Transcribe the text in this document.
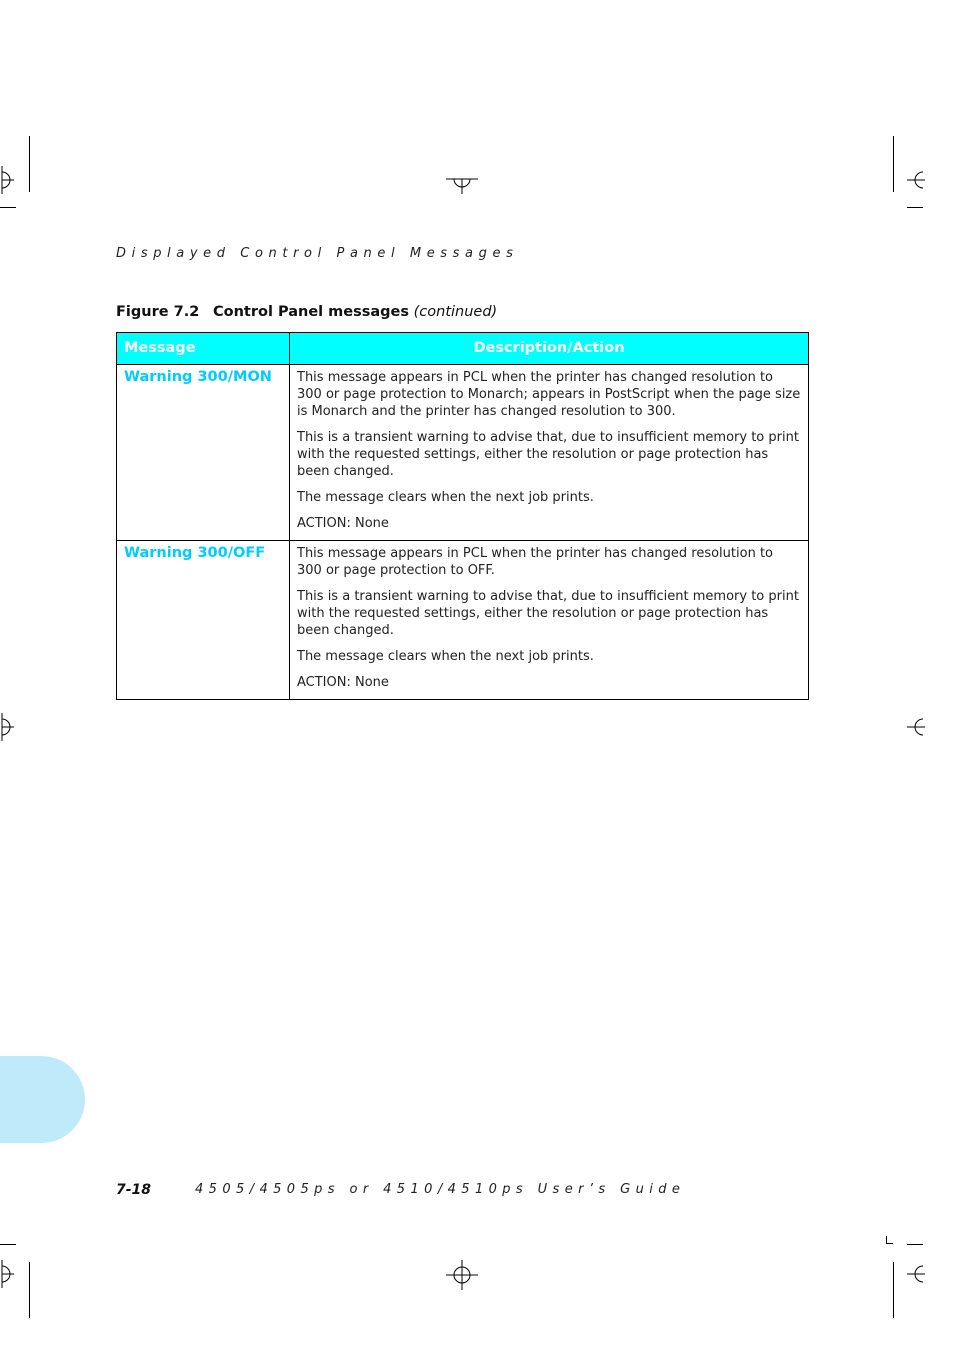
Displayed Control Panel Messages
Figure 7.2 Control Panel messages (continued)
Message	Description/Action
Warning 300/MON	This message appears in PCL when the printer has changed resolution to 300 or page protection to Monarch; appears in PostScript when the page size is Monarch and the printer has changed resolution to 300.

This is a transient warning to advise that, due to insufficient memory to print with the requested settings, either the resolution or page protection has been changed.

The message clears when the next job prints.

ACTION: None

Warning 300/OFF	This message appears in PCL when the printer has changed resolution to 300 or page protection to OFF.

This is a transient warning to advise that, due to insufficient memory to print with the requested settings, either the resolution or page protection has been changed.

The message clears when the next job prints.

ACTION: None

7-18	4505/4505ps or 4510/4510ps User’s Guide
